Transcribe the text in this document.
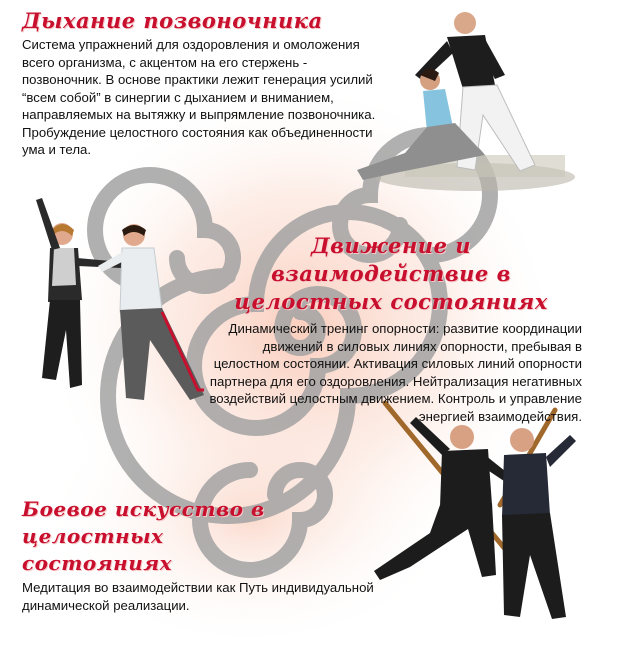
Дыхание позвоночника
Система упражнений для оздоровления и омоложения всего организма, с акцентом на его стержень - позвоночник. В основе практики лежит генерация усилий “всем собой” в синергии с дыханием и вниманием, направляемых на вытяжку и выпрямление позвоночника. Пробуждение целостного состояния как объединенности ума и тела.
Движение и взаимодействие в
целостных состояниях
Динамический тренинг опорности: развитие координации движений в силовых линиях опорности, пребывая в целостном состоянии. Активация силовых линий опорности партнера для его оздоровления. Нейтрализация негативных воздействий целостным движением. Контроль и управление энергией взаимодействия.
Боевое искусство в целостных
состояниях
Медитация во взаимодействии как Путь индивидуальной динамической реализации.
